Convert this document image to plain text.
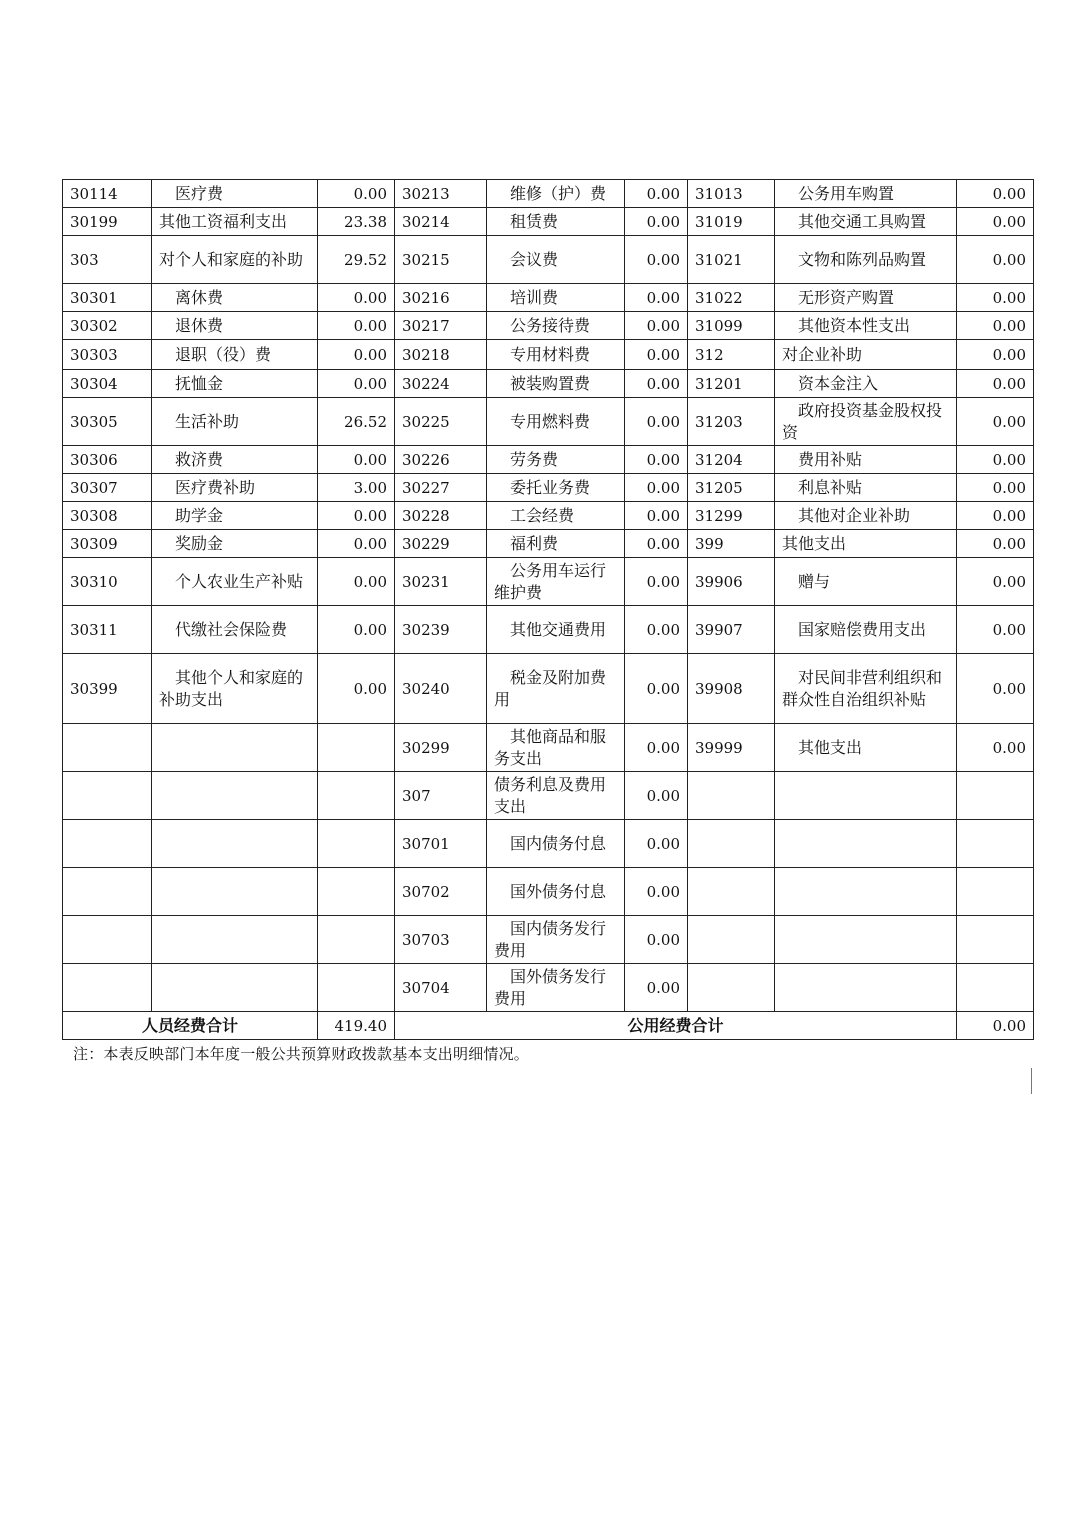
30114	医疗费	0.00	30213	维修（护）费	0.00	31013	公务用车购置	0.00
30199	其他工资福利支出	23.38	30214	租赁费	0.00	31019	其他交通工具购置	0.00
303	对个人和家庭的补助	29.52	30215	会议费	0.00	31021	文物和陈列品购置	0.00
30301	离休费	0.00	30216	培训费	0.00	31022	无形资产购置	0.00
30302	退休费	0.00	30217	公务接待费	0.00	31099	其他资本性支出	0.00
30303	退职（役）费	0.00	30218	专用材料费	0.00	312	对企业补助	0.00
30304	抚恤金	0.00	30224	被装购置费	0.00	31201	资本金注入	0.00
30305	生活补助	26.52	30225	专用燃料费	0.00	31203	政府投资基金股权投资	0.00
30306	救济费	0.00	30226	劳务费	0.00	31204	费用补贴	0.00
30307	医疗费补助	3.00	30227	委托业务费	0.00	31205	利息补贴	0.00
30308	助学金	0.00	30228	工会经费	0.00	31299	其他对企业补助	0.00
30309	奖励金	0.00	30229	福利费	0.00	399	其他支出	0.00
30310	个人农业生产补贴	0.00	30231	公务用车运行维护费	0.00	39906	赠与	0.00
30311	代缴社会保险费	0.00	30239	其他交通费用	0.00	39907	国家赔偿费用支出	0.00
30399	其他个人和家庭的补助支出	0.00	30240	税金及附加费用	0.00	39908	对民间非营利组织和群众性自治组织补贴	0.00
			30299	其他商品和服务支出	0.00	39999	其他支出	0.00
			307	债务利息及费用支出	0.00			
			30701	国内债务付息	0.00			
			30702	国外债务付息	0.00			
			30703	国内债务发行费用	0.00			
			30704	国外债务发行费用	0.00			
人员经费合计		419.40	公用经费合计					0.00
注：本表反映部门本年度一般公共预算财政拨款基本支出明细情况。
